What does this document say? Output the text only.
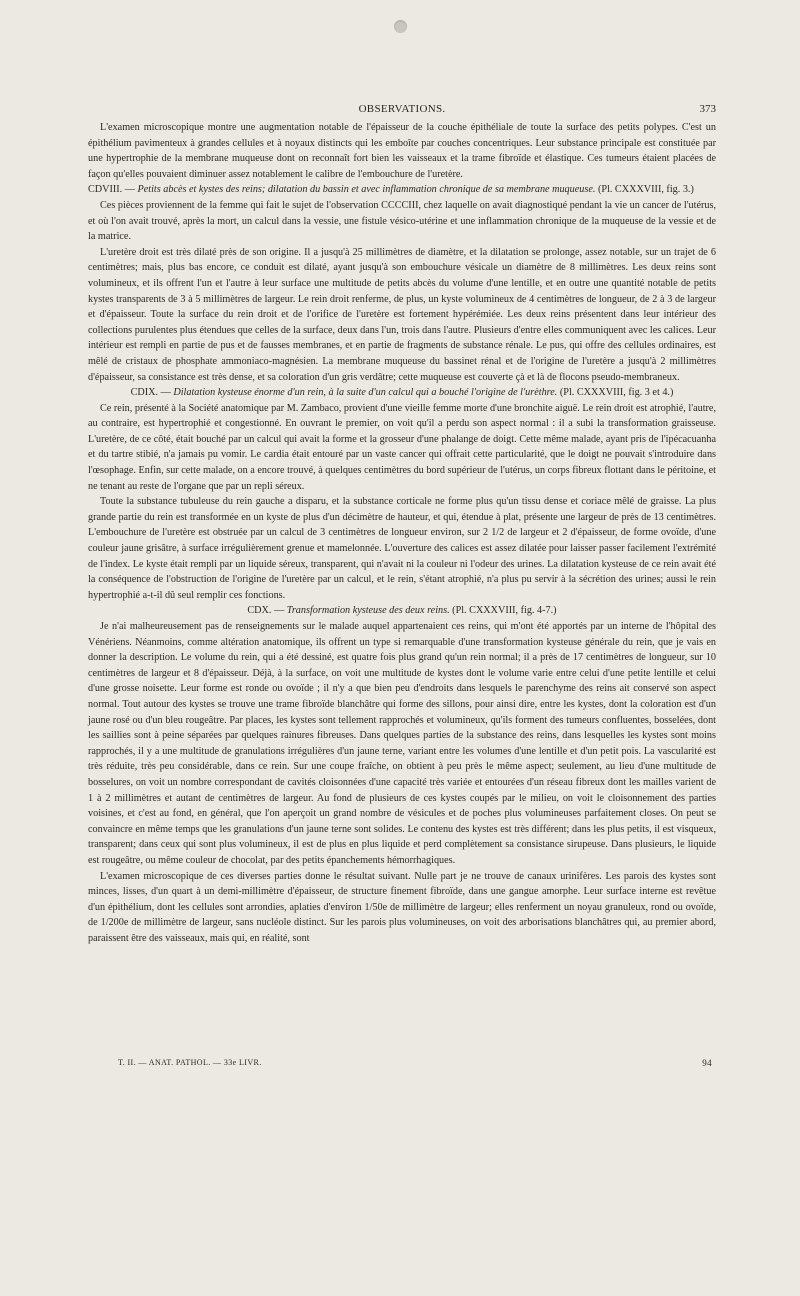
OBSERVATIONS.	373

L'examen microscopique montre une augmentation notable de l'épaisseur de la couche épithéliale de toute la surface des petits polypes. C'est un épithélium pavimenteux à grandes cellules et à noyaux distincts qui les emboîte par couches concentriques. Leur substance principale est constituée par une hypertrophie de la membrane muqueuse dont on reconnaît fort bien les vaisseaux et la trame fibroïde et élastique. Ces tumeurs étaient placées de façon qu'elles pouvaient diminuer assez notablement le calibre de l'embouchure de l'uretère.

CDVIII. — Petits abcès et kystes des reins; dilatation du bassin et avec inflammation chronique de sa membrane muqueuse. (Pl. CXXXVIII, fig. 3.)

Ces pièces proviennent de la femme qui fait le sujet de l'observation CCCCIII, chez laquelle on avait diagnostiqué pendant la vie un cancer de l'utérus, et où l'on avait trouvé, après la mort, un calcul dans la vessie, une fistule vésico-utérine et une inflammation chronique de la muqueuse de la vessie et de la matrice.

L'uretère droit est très dilaté près de son origine. Il a jusqu'à 25 millimètres de diamètre, et la dilatation se prolonge, assez notable, sur un trajet de 6 centimètres; mais, plus bas encore, ce conduit est dilaté, ayant jusqu'à son embouchure vésicale un diamètre de 8 millimètres. Les deux reins sont volumineux, et ils offrent l'un et l'autre à leur surface une multitude de petits abcès du volume d'une lentille, et en outre une quantité notable de petits kystes transparents de 3 à 5 millimètres de largeur. Le rein droit renferme, de plus, un kyste volumineux de 4 centimètres de longueur, de 2 à 3 de largeur et d'épaisseur. Toute la surface du rein droit et de l'orifice de l'uretère est fortement hypérémiée. Les deux reins présentent dans leur intérieur des collections purulentes plus étendues que celles de la surface, deux dans l'un, trois dans l'autre. Plusieurs d'entre elles communiquent avec les calices. Leur intérieur est rempli en partie de pus et de fausses membranes, et en partie de fragments de substance rénale. Le pus, qui offre des cellules ordinaires, est mêlé de cristaux de phosphate ammoniaco-magnésien. La membrane muqueuse du bassinet rénal et de l'origine de l'uretère a jusqu'à 2 millimètres d'épaisseur, sa consistance est très dense, et sa coloration d'un gris verdâtre; cette muqueuse est couverte çà et là de flocons pseudo-membraneux.

CDIX. — Dilatation kysteuse énorme d'un rein, à la suite d'un calcul qui a bouché l'origine de l'urèthre. (Pl. CXXXVIII, fig. 3 et 4.)

Ce rein, présenté à la Société anatomique par M. Zambaco, provient d'une vieille femme morte d'une bronchite aiguë. Le rein droit est atrophié, l'autre, au contraire, est hypertrophié et congestionné. En ouvrant le premier, on voit qu'il a perdu son aspect normal : il a subi la transformation graisseuse. L'uretère, de ce côté, était bouché par un calcul qui avait la forme et la grosseur d'une phalange de doigt. Cette même malade, ayant pris de l'ipécacuanha et du tartre stibié, n'a jamais pu vomir. Le cardia était entouré par un vaste cancer qui offrait cette particularité, que le doigt ne pouvait s'introduire dans l'œsophage. Enfin, sur cette malade, on a encore trouvé, à quelques centimètres du bord supérieur de l'utérus, un corps fibreux flottant dans le péritoine, et ne tenant au reste de l'organe que par un repli séreux.

Toute la substance tubuleuse du rein gauche a disparu, et la substance corticale ne forme plus qu'un tissu dense et coriace mêlé de graisse. La plus grande partie du rein est transformée en un kyste de plus d'un décimètre de hauteur, et qui, étendue à plat, présente une largeur de près de 13 centimètres. L'embouchure de l'uretère est obstruée par un calcul de 3 centimètres de longueur environ, sur 2 1/2 de largeur et 2 d'épaisseur, de forme ovoïde, d'une couleur jaune grisâtre, à surface irrégulièrement grenue et mamelonnée. L'ouverture des calices est assez dilatée pour laisser passer facilement l'extrémité de l'index. Le kyste était rempli par un liquide séreux, transparent, qui n'avait ni la couleur ni l'odeur des urines. La dilatation kysteuse de ce rein avait été la conséquence de l'obstruction de l'origine de l'uretère par un calcul, et le rein, s'étant atrophié, n'a plus pu servir à la sécrétion des urines; aussi le rein hypertrophié a-t-il dû seul remplir ces fonctions.

CDX. — Transformation kysteuse des deux reins. (Pl. CXXXVIII, fig. 4-7.)

Je n'ai malheureusement pas de renseignements sur le malade auquel appartenaient ces reins, qui m'ont été apportés par un interne de l'hôpital des Vénériens. Néanmoins, comme altération anatomique, ils offrent un type si remarquable d'une transformation kysteuse générale du rein, que je vais en donner la description. Le volume du rein, qui a été dessiné, est quatre fois plus grand qu'un rein normal; il a près de 17 centimètres de longueur, sur 10 centimètres de largeur et 8 d'épaisseur. Déjà, à la surface, on voit une multitude de kystes dont le volume varie entre celui d'une petite lentille et celui d'une grosse noisette. Leur forme est ronde ou ovoïde ; il n'y a que bien peu d'endroits dans lesquels le parenchyme des reins ait conservé son aspect normal. Tout autour des kystes se trouve une trame fibroïde blanchâtre qui forme des sillons, pour ainsi dire, entre les kystes, dont la coloration est d'un jaune rosé ou d'un bleu rougeâtre. Par places, les kystes sont tellement rapprochés et volumineux, qu'ils forment des tumeurs confluentes, bosselées, dont les saillies sont à peine séparées par quelques rainures fibreuses. Dans quelques parties de la substance des reins, dans lesquelles les kystes sont moins rapprochés, il y a une multitude de granulations irrégulières d'un jaune terne, variant entre les volumes d'une lentille et d'un petit pois. La vascularité est très réduite, très peu considérable, dans ce rein. Sur une coupe fraîche, on obtient à peu près le même aspect; seulement, au lieu d'une multitude de bosselures, on voit un nombre correspondant de cavités cloisonnées d'une capacité très variée et entourées d'un réseau fibreux dont les mailles varient de 1 à 2 millimètres et autant de centimètres de largeur. Au fond de plusieurs de ces kystes coupés par le milieu, on voit le cloisonnement des parties voisines, et c'est au fond, en général, que l'on aperçoit un grand nombre de vésicules et de poches plus volumineuses parfaitement closes. On peut se convaincre en même temps que les granulations d'un jaune terne sont solides. Le contenu des kystes est très différent; dans les plus petits, il est visqueux, transparent; dans ceux qui sont plus volumineux, il est de plus en plus liquide et perd complètement sa consistance sirupeuse. Dans plusieurs, le liquide est rougeâtre, ou même couleur de chocolat, par des petits épanchements hémorrhagiques.

L'examen microscopique de ces diverses parties donne le résultat suivant. Nulle part je ne trouve de canaux urinifères. Les parois des kystes sont minces, lisses, d'un quart à un demi-millimètre d'épaisseur, de structure finement fibroïde, dans une gangue amorphe. Leur surface interne est revêtue d'un épithélium, dont les cellules sont arrondies, aplaties d'environ 1/50e de millimètre de largeur; elles renferment un noyau granuleux, rond ou ovoïde, de 1/200e de millimètre de largeur, sans nucléole distinct. Sur les parois plus volumineuses, on voit des arborisations blanchâtres qui, au premier abord, paraissent être des vaisseaux, mais qui, en réalité, sont

T. II. — ANAT. PATHOL. — 33e LIVR.	94
